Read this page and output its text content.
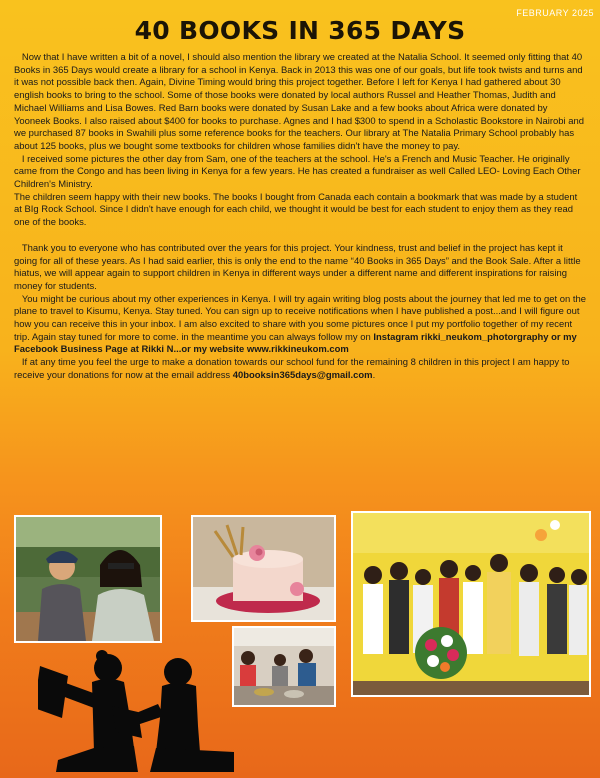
FEBRUARY 2025
40 BOOKS IN 365 DAYS

Now that I have written a bit of a novel, I should also mention the library we created at the Natalia School. It seemed only fitting that 40 Books in 365 Days would create a library for a school in Kenya. Back in 2013 this was one of our goals, but life took twists and turns and it was not possible back then. Again, Divine Timing would bring this project together. Before I left for Kenya I had gathered about 30 english books to bring to the school. Some of those books were donated by local authors Russel and Heather Thomas, Judith and Michael Williams and Lisa Bowes. Red Barn books were donated by Susan Lake and a few books about Africa were donated by Yooneek Books. I also raised about $400 for books to purchase. Agnes and I had $300 to spend in a Scholastic Bookstore in Nairobi and we purchased 87 books in Swahili plus some reference books for the teachers. Our library at The Natalia Primary School probably has about 125 books, plus we bought some textbooks for children whose families didn't have the money to pay.

I received some pictures the other day from Sam, one of the teachers at the school. He's a French and Music Teacher. He originally came from the Congo and has been living in Kenya for a few years. He has created a fundraiser as well Called LEO- Loving Each Other Children's Ministry.

The children seem happy with their new books. The books I bought from Canada each contain a bookmark that was made by a student at BIg Rock School. Since I didn't have enough for each child, we thought it would be best for each student to enjoy them as they read one of the books.

Thank you to everyone who has contributed over the years for this project. Your kindness, trust and belief in the project has kept it going for all of these years. As I had said earlier, this is only the end to the name “40 Books in 365 Days” and the Book Sale. After a little hiatus, we will appear again to support children in Kenya in different ways under a different name and different inspirations for raising money for students.

You might be curious about my other experiences in Kenya. I will try again writing blog posts about the journey that led me to get on the plane to travel to Kisumu, Kenya. Stay tuned. You can sign up to receive notifications when I have published a post...and I will figure out how you can receive this in your inbox. I am also excited to share with you some pictures once I put my portfolio together of my recent trip. Again stay tuned for more to come. in the meantime you can always follow my on Instagram rikki_neukom_photorgraphy or my Facebook Business Page at Rikki N...or my website www.rikkineukom.com

If at any time you feel the urge to make a donation towards our school fund for the remaining 8 children in this project I am happy to receive your donations for now at the email address 40booksin365days@gmail.com.
